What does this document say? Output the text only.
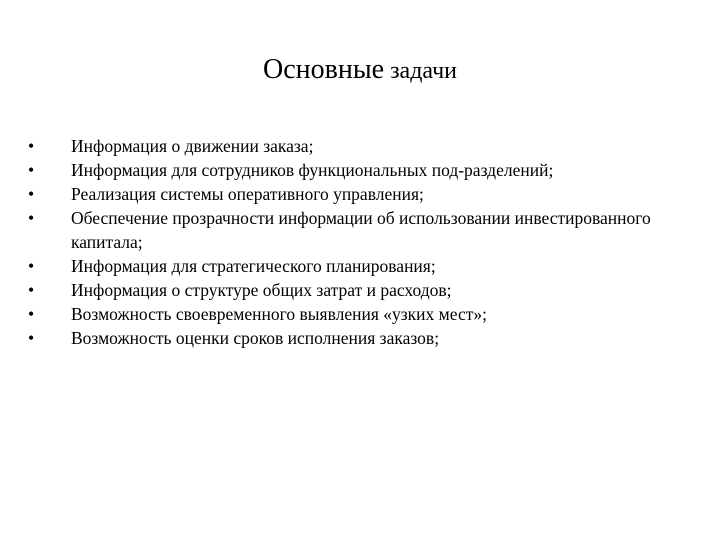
Основные задачи
• Информация о движении заказа;
• Информация для сотрудников функциональных под-разделений;
• Реализация системы оперативного управления;
• Обеспечение прозрачности информации об использовании инвестированного капитала;
• Информация для стратегического планирования;
• Информация о структуре общих затрат и расходов;
• Возможность своевременного выявления «узких мест»;
• Возможность оценки сроков исполнения заказов;
